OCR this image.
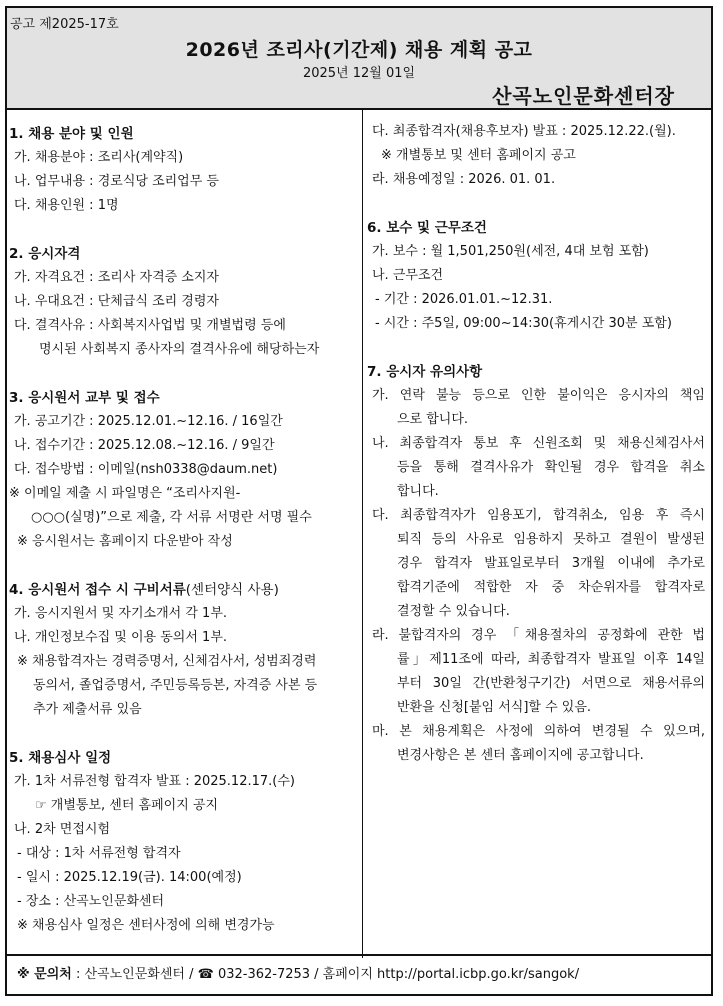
공고 제2025-17호
2026년 조리사(기간제) 채용 계획 공고
2025년 12월 01일
산곡노인문화센터장
1. 채용 분야 및 인원
가. 채용분야 : 조리사(계약직)
나. 업무내용 : 경로식당 조리업무 등
다. 채용인원 : 1명
2. 응시자격
가. 자격요건 : 조리사 자격증 소지자
나. 우대요건 : 단체급식 조리 경령자
다. 결격사유 : 사회복지사업법 및 개별법령 등에
명시된 사회복지 종사자의 결격사유에 해당하는자
3. 응시원서 교부 및 접수
가. 공고기간 : 2025.12.01.~12.16. / 16일간
나. 접수기간 : 2025.12.08.~12.16. / 9일간
다. 접수방법 : 이메일(nsh0338@daum.net)
※ 이메일 제출 시 파일명은 “조리사지원-
○○○(실명)”으로 제출, 각 서류 서명란 서명 필수
※ 응시원서는 홈페이지 다운받아 작성
4. 응시원서 접수 시 구비서류(센터양식 사용)
가. 응시지원서 및 자기소개서 각 1부.
나. 개인정보수집 및 이용 동의서 1부.
※ 채용합격자는 경력증명서, 신체검사서, 성범죄경력
동의서, 졸업증명서, 주민등록등본, 자격증 사본 등
추가 제출서류 있음
5. 채용심사 일정
가. 1차 서류전형 합격자 발표 : 2025.12.17.(수)
☞ 개별통보, 센터 홈페이지 공지
나. 2차 면접시험
- 대상 : 1차 서류전형 합격자
- 일시 : 2025.12.19(금). 14:00(예정)
- 장소 : 산곡노인문화센터
※ 채용심사 일정은 센터사정에 의해 변경가능
다. 최종합격자(채용후보자) 발표 : 2025.12.22.(월).
※ 개별통보 및 센터 홈페이지 공고
라. 채용예정일 : 2026. 01. 01.
6. 보수 및 근무조건
가. 보수 : 월 1,501,250원(세전, 4대 보험 포함)
나. 근무조건
- 기간 : 2026.01.01.~12.31.
- 시간 : 주5일, 09:00~14:30(휴게시간 30분 포함)
7. 응시자 유의사항
가. 연락 불능 등으로 인한 불이익은 응시자의 책임
으로 합니다.
나. 최종합격자 통보 후 신원조회 및 채용신체검사서
등을 통해 결격사유가 확인될 경우 합격을 취소
합니다.
다. 최종합격자가 임용포기, 합격취소, 임용 후 즉시
퇴직 등의 사유로 임용하지 못하고 결원이 발생된
경우 합격자 발표일로부터 3개월 이내에 추가로
합격기준에 적합한 자 중 차순위자를 합격자로
결정할 수 있습니다.
라. 불합격자의 경우 「채용절차의 공정화에 관한 법
률」제11조에 따라, 최종합격자 발표일 이후 14일
부터 30일 간(반환청구기간) 서면으로 채용서류의
반환을 신청[붙임 서식]할 수 있음.
마. 본 채용계획은 사정에 의하여 변경될 수 있으며,
변경사항은 본 센터 홈페이지에 공고합니다.
※ 문의처 : 산곡노인문화센터 / ☎ 032-362-7253 / 홈페이지 http://portal.icbp.go.kr/sangok/
